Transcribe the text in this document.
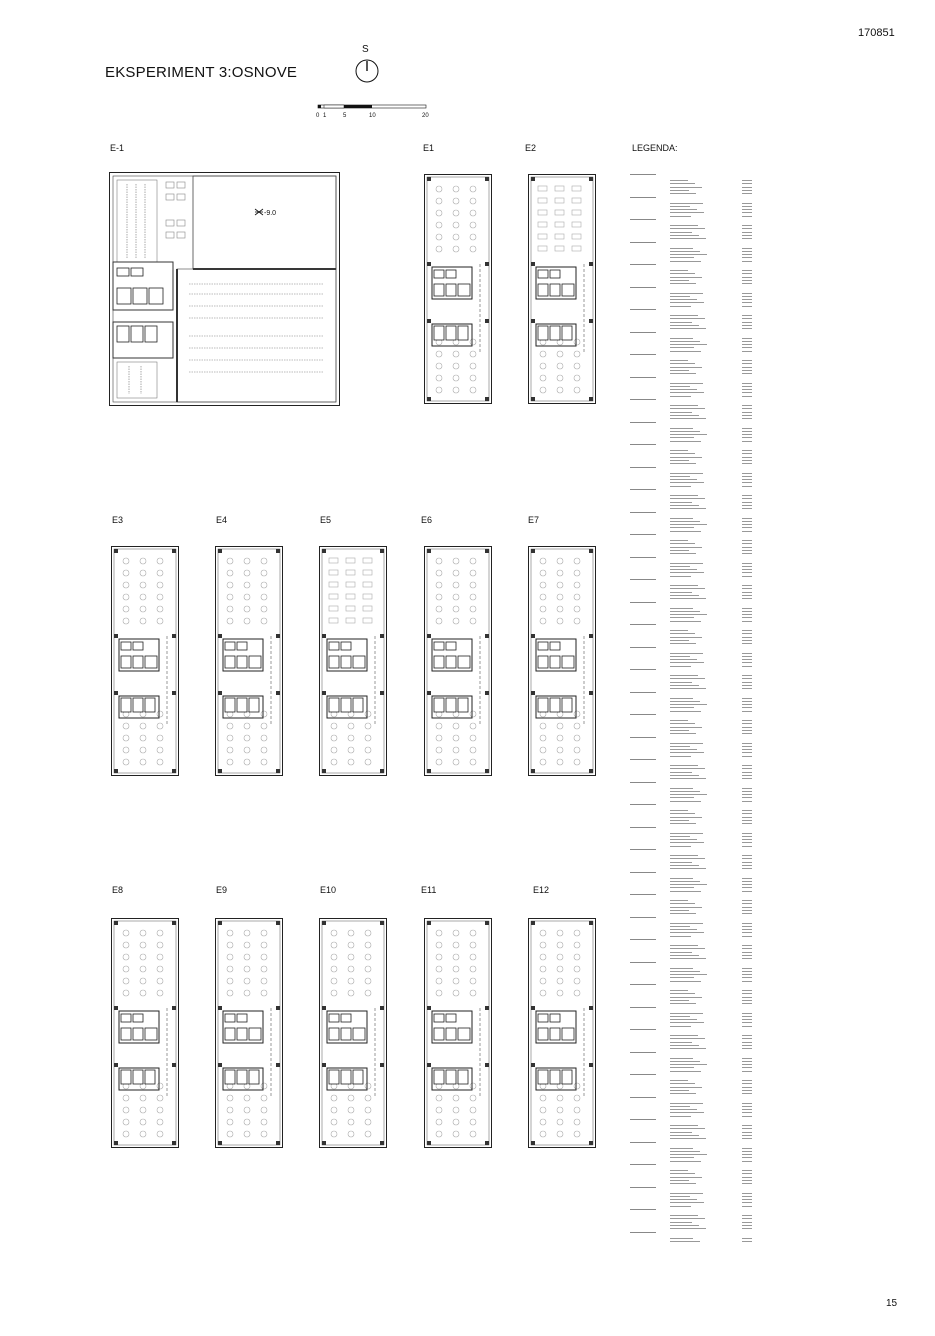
170851
EKSPERIMENT 3:OSNOVE
S
0 1	5	10	20
LEGENDA:
E-1	E1	E2
E3	E4	E5	E6	E7
E8	E9	E10	E11	E12
-9.0
15
